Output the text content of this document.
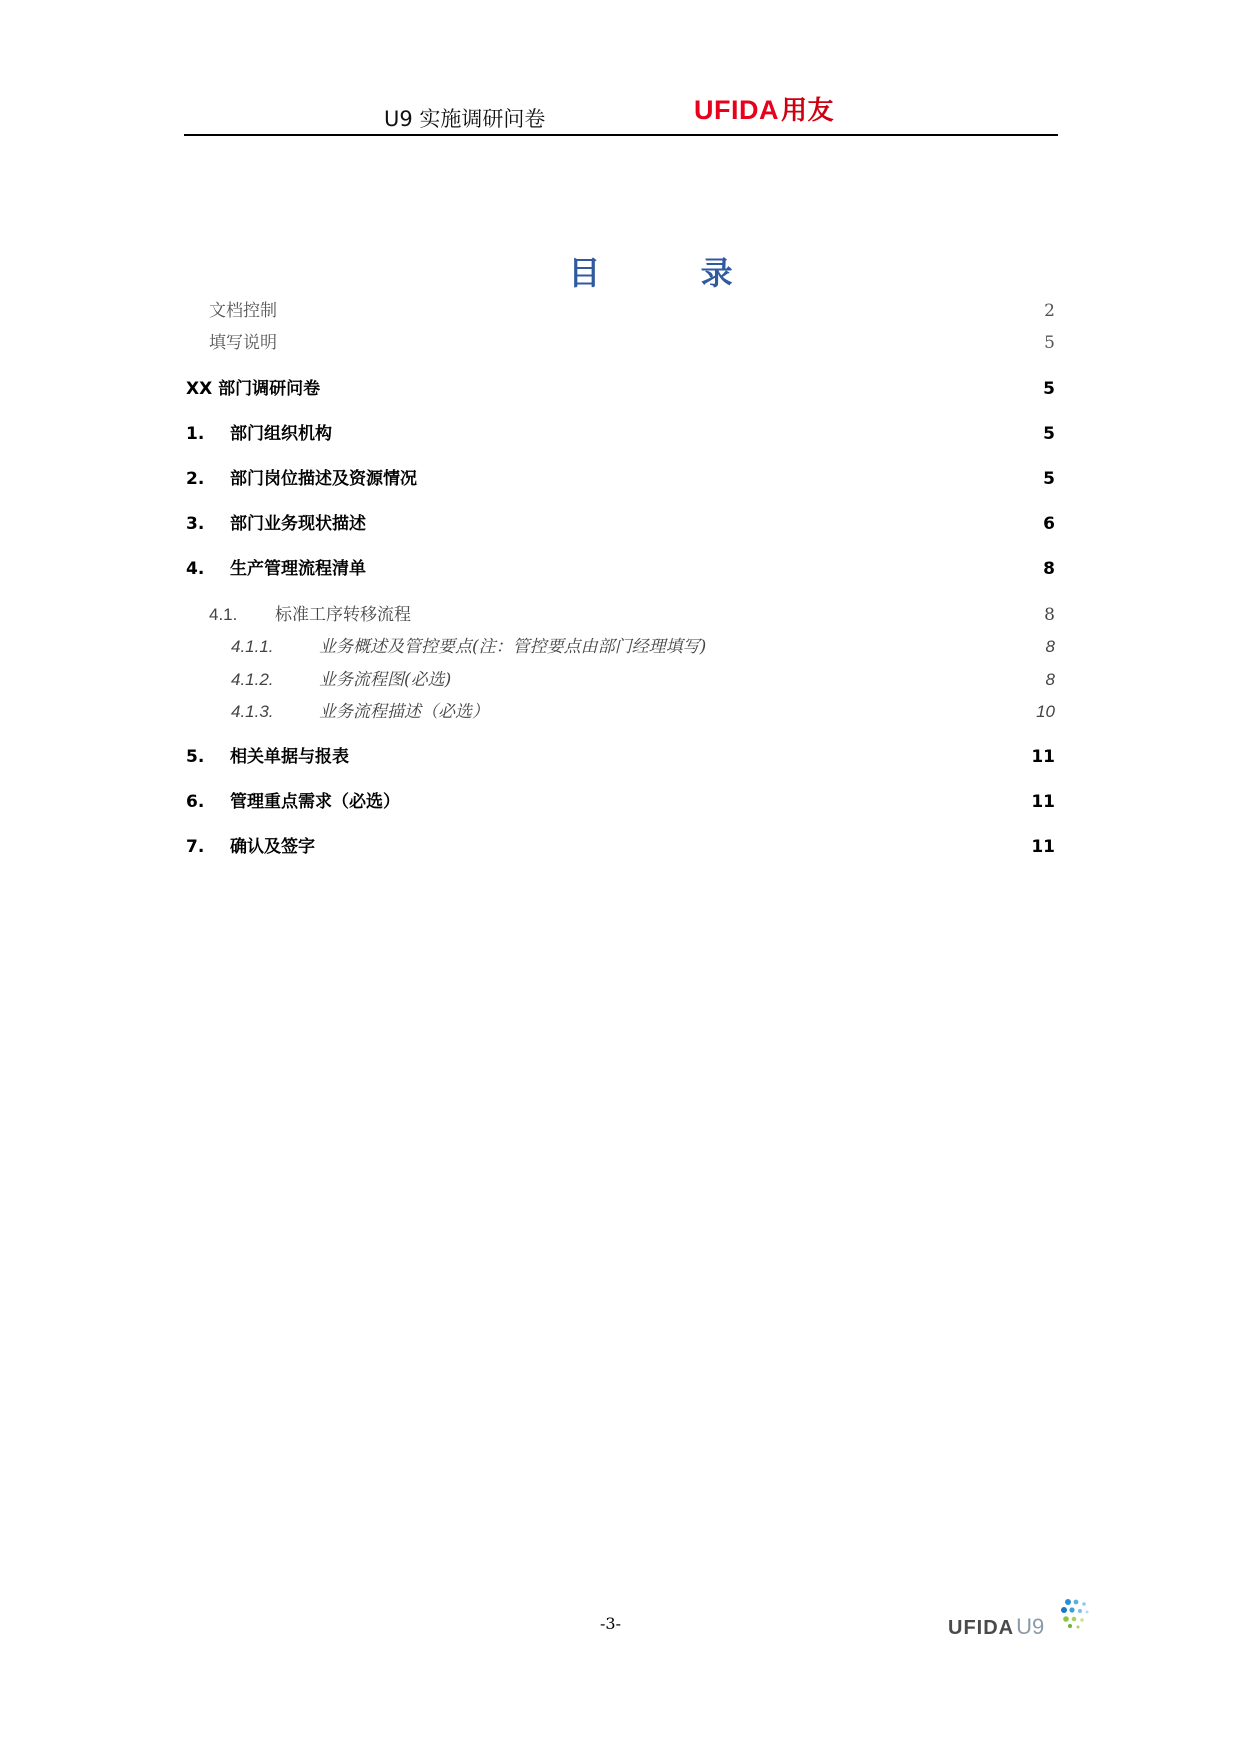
U9 实施调研问卷	UFIDA用友
目         录
文档控制	2
填写说明	5
XX 部门调研问卷	5
1.	部门组织机构	5
2.	部门岗位描述及资源情况	5
3.	部门业务现状描述	6
4.	生产管理流程清单	8
4.1.	标准工序转移流程	8
4.1.1.	业务概述及管控要点(注：管控要点由部门经理填写)	8
4.1.2.	业务流程图(必选)	8
4.1.3.	业务流程描述（必选）	10
5.	相关单据与报表	11
6.	管理重点需求（必选）	11
7.	确认及签字	11
-3-	UFIDAU9
